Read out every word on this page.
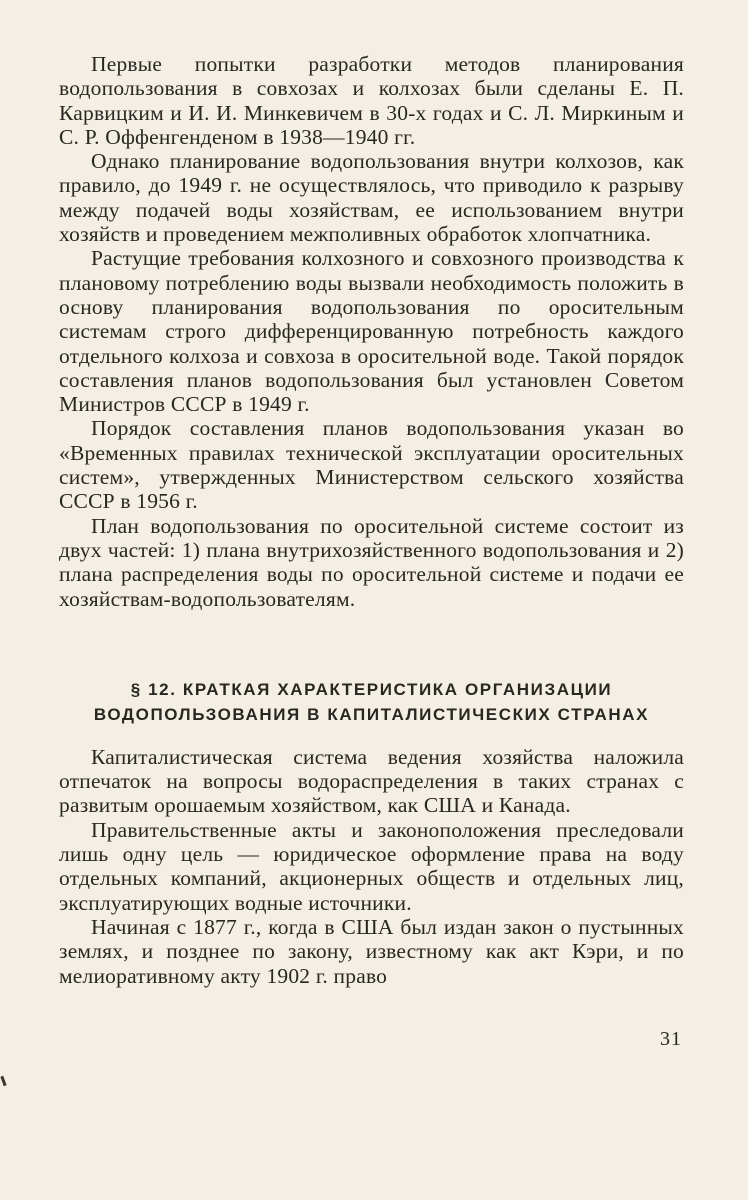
Первые попытки разработки методов планирования водопользования в совхозах и колхозах были сделаны Е. П. Карвицким и И. И. Минкевичем в 30-х годах и С. Л. Миркиным и С. Р. Оффенгенденом в 1938—1940 гг.

Однако планирование водопользования внутри колхозов, как правило, до 1949 г. не осуществлялось, что приводило к разрыву между подачей воды хозяйствам, ее использованием внутри хозяйств и проведением межполивных обработок хлопчатника.

Растущие требования колхозного и совхозного производства к плановому потреблению воды вызвали необходимость положить в основу планирования водопользования по оросительным системам строго дифференцированную потребность каждого отдельного колхоза и совхоза в оросительной воде. Такой порядок составления планов водопользования был установлен Советом Министров СССР в 1949 г.

Порядок составления планов водопользования указан во «Временных правилах технической эксплуатации оросительных систем», утвержденных Министерством сельского хозяйства СССР в 1956 г.

План водопользования по оросительной системе состоит из двух частей: 1) плана внутрихозяйственного водопользования и 2) плана распределения воды по оросительной системе и подачи ее хозяйствам-водопользователям.

§ 12. КРАТКАЯ ХАРАКТЕРИСТИКА ОРГАНИЗАЦИИ
ВОДОПОЛЬЗОВАНИЯ В КАПИТАЛИСТИЧЕСКИХ СТРАНАХ

Капиталистическая система ведения хозяйства наложила отпечаток на вопросы водораспределения в таких странах с развитым орошаемым хозяйством, как США и Канада.

Правительственные акты и законоположения преследовали лишь одну цель — юридическое оформление права на воду отдельных компаний, акционерных обществ и отдельных лиц, эксплуатирующих водные источники.

Начиная с 1877 г., когда в США был издан закон о пустынных землях, и позднее по закону, известному как акт Кэри, и по мелиоративному акту 1902 г. право

31
